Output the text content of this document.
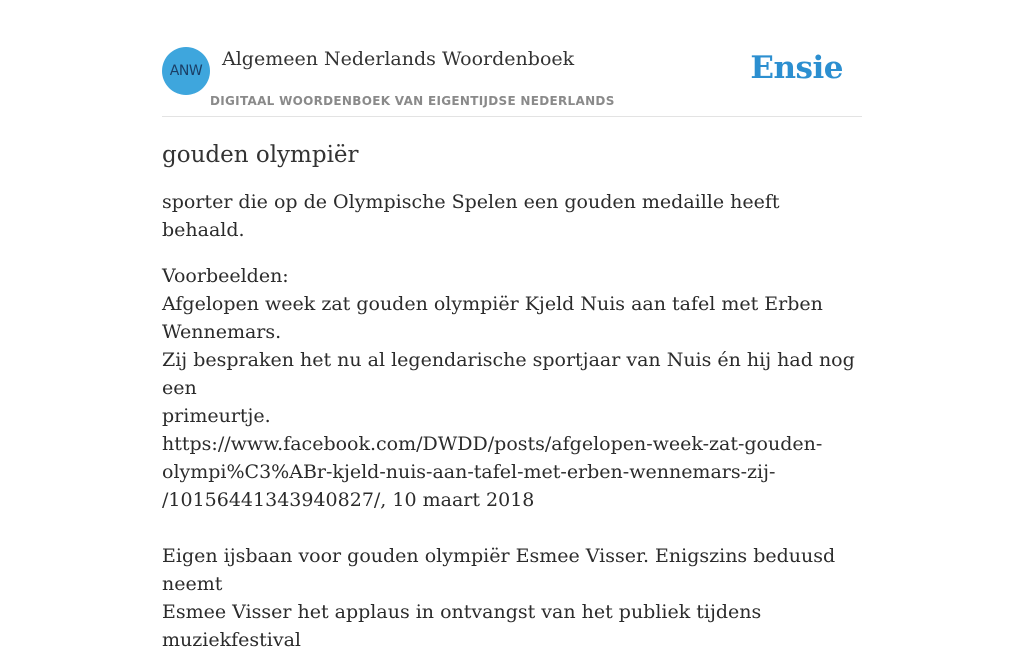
ANW
Algemeen Nederlands Woordenboek
DIGITAAL WOORDENBOEK VAN EIGENTIJDSE NEDERLANDS
Ensie
gouden olympiër

sporter die op de Olympische Spelen een gouden medaille heeft behaald.

Voorbeelden:

Afgelopen week zat gouden olympiër Kjeld Nuis aan tafel met Erben Wennemars.
Zij bespraken het nu al legendarische sportjaar van Nuis én hij had nog een
primeurtje.
https://www.facebook.com/DWDD/posts/afgelopen-week-zat-gouden-
olympi%C3%ABr-kjeld-nuis-aan-tafel-met-erben-wennemars-zij-
/10156441343940827/, 10 maart 2018

Eigen ijsbaan voor gouden olympiër Esmee Visser. Enigszins beduusd neemt
Esmee Visser het applaus in ontvangst van het publiek tijdens muziekfestival
